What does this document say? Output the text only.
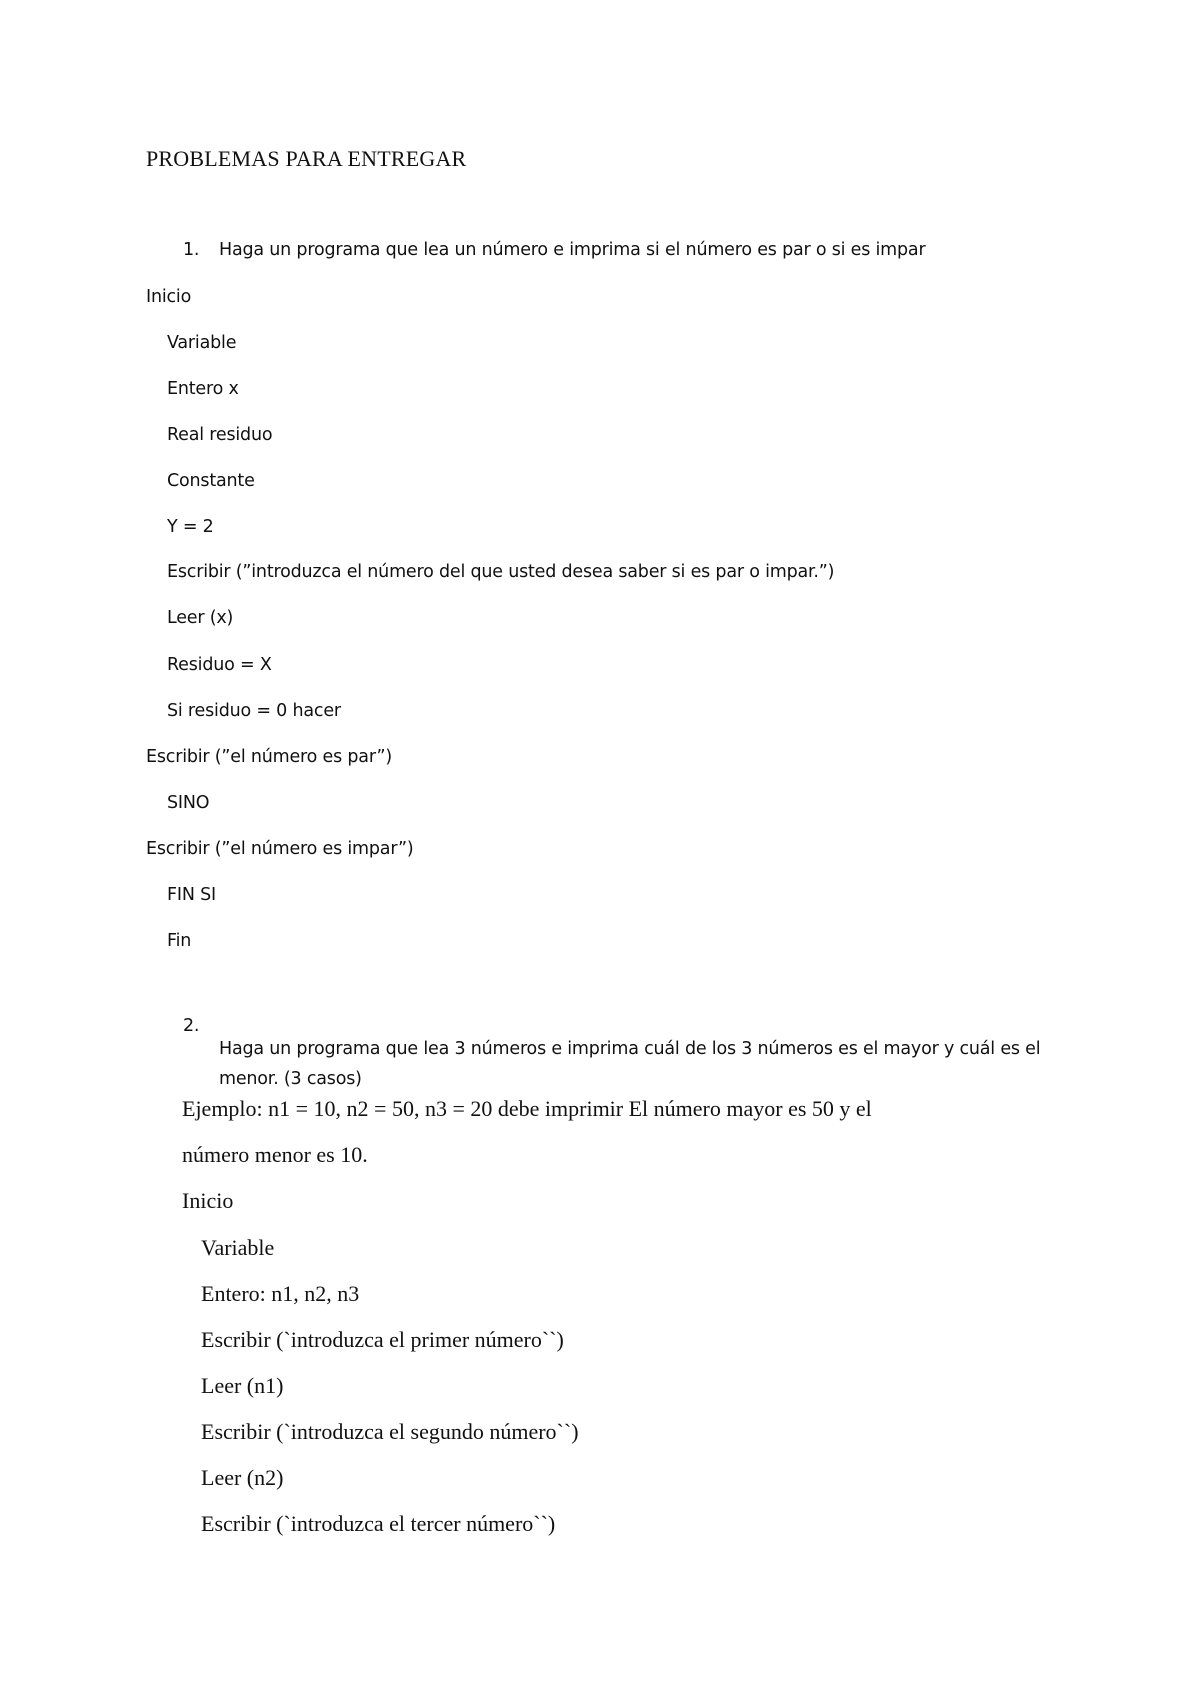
PROBLEMAS PARA ENTREGAR

1. Haga un programa que lea un número e imprima si el número es par o si es impar

Inicio

Variable

Entero x

Real residuo

Constante

Y = 2

Escribir (”introduzca el número del que usted desea saber si es par o impar.”)

Leer (x)

Residuo = X

Si residuo = 0 hacer

Escribir (”el número es par”)

SINO

Escribir (”el número es impar”)

FIN SI

Fin

2.

Haga un programa que lea 3 números e imprima cuál de los 3 números es el mayor y cuál es el menor. (3 casos)

Ejemplo: n1 = 10, n2 = 50, n3 = 20 debe imprimir El número mayor es 50 y el

número menor es 10.

Inicio

Variable

Entero: n1, n2, n3

Escribir (`introduzca el primer número``)

Leer (n1)

Escribir (`introduzca el segundo número``)

Leer (n2)

Escribir (`introduzca el tercer número``)
